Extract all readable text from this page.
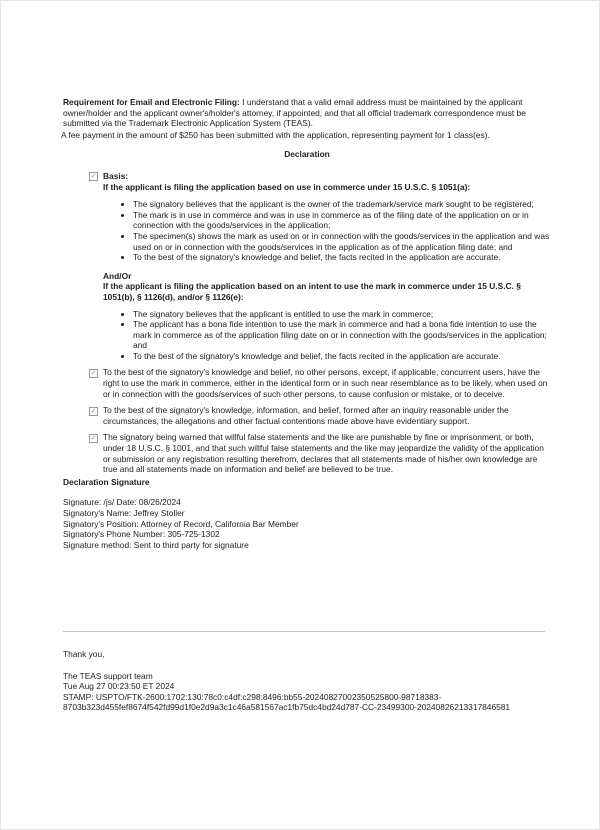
Requirement for Email and Electronic Filing: I understand that a valid email address must be maintained by the applicant owner/holder and the applicant owner's/holder's attorney, if appointed, and that all official trademark correspondence must be submitted via the Trademark Electronic Application System (TEAS).

A fee payment in the amount of $250 has been submitted with the application, representing payment for 1 class(es).

Declaration

✓ Basis:

If the applicant is filing the application based on use in commerce under 15 U.S.C. § 1051(a):

• The signatory believes that the applicant is the owner of the trademark/service mark sought to be registered;
• The mark is in use in commerce and was in use in commerce as of the filing date of the application on or in connection with the goods/services in the application;
• The specimen(s) shows the mark as used on or in connection with the goods/services in the application and was used on or in connection with the goods/services in the application as of the application filing date; and
• To the best of the signatory's knowledge and belief, the facts recited in the application are accurate.

And/Or

If the applicant is filing the application based on an intent to use the mark in commerce under 15 U.S.C. § 1051(b), § 1126(d), and/or § 1126(e):

• The signatory believes that the applicant is entitled to use the mark in commerce;
• The applicant has a bona fide intention to use the mark in commerce and had a bona fide intention to use the mark in commerce as of the application filing date on or in connection with the goods/services in the application; and
• To the best of the signatory's knowledge and belief, the facts recited in the application are accurate.
✓ To the best of the signatory's knowledge and belief, no other persons, except, if applicable, concurrent users, have the right to use the mark in commerce, either in the identical form or in such near resemblance as to be likely, when used on or in connection with the goods/services of such other persons, to cause confusion or mistake, or to deceive.

✓ To the best of the signatory's knowledge, information, and belief, formed after an inquiry reasonable under the circumstances, the allegations and other factual contentions made above have evidentiary support.

✓ The signatory being warned that willful false statements and the like are punishable by fine or imprisonment, or both, under 18 U.S.C. § 1001, and that such willful false statements and the like may jeopardize the validity of the application or submission or any registration resulting therefrom, declares that all statements made of his/her own knowledge are true and all statements made on information and belief are believed to be true.

Declaration Signature

Signature: /js/ Date: 08/26/2024

Signatory's Name: Jeffrey Stoller

Signatory's Position: Attorney of Record, California Bar Member

Signatory's Phone Number: 305-725-1302

Signature method: Sent to third party for signature

Thank you,

The TEAS support team

Tue Aug 27 00:23:50 ET 2024

STAMP: USPTO/FTK-2600:1702:130:78c0:c4df:c298:8496:bb55-20240827002350525800-98718383-

8703b323d455fef8674f542fd99d1f0e2d9a3c1c46a581567ac1fb75dc4bd24d787-CC-23499300-20240826213317846581
